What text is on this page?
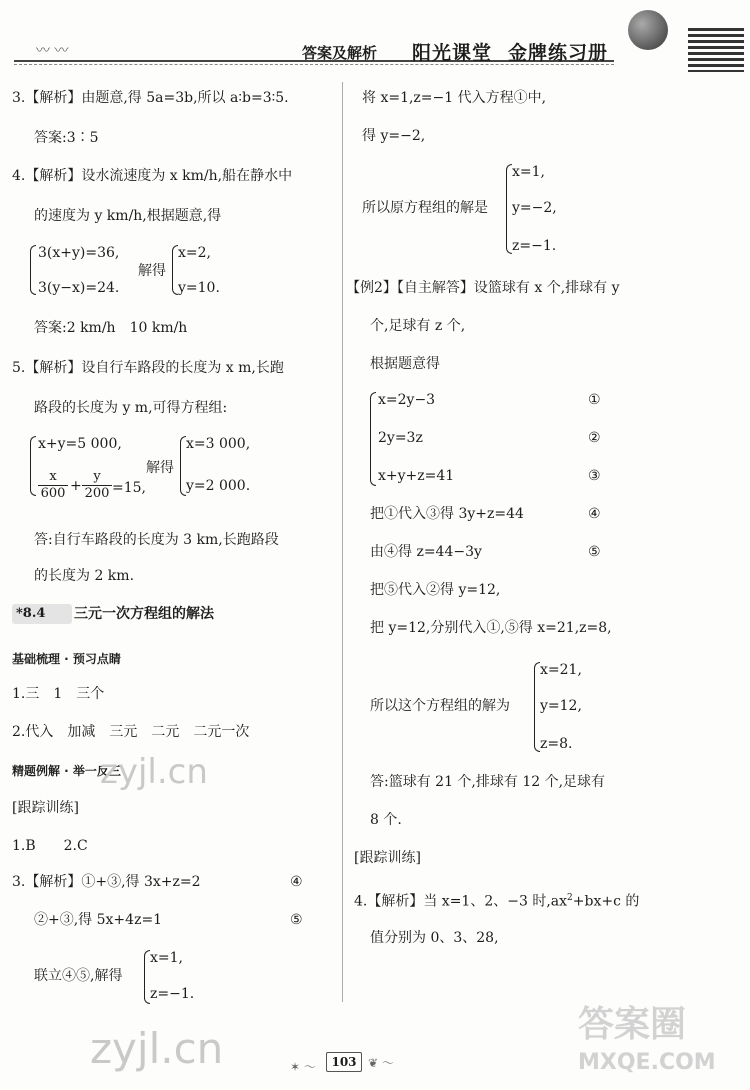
〰 〰	答案及解析 阳光课堂 金牌练习册
3.【解析】由题意,得 5a=3b,所以 a∶b=3∶5.
答案:3∶5
4.【解析】设水流速度为 x km/h,船在静水中
的速度为 y km/h,根据题意,得
3(x+y)=36,
3(y−x)=24.
解得
x=2,
y=10.
答案:2 km/h　10 km/h
5.【解析】设自行车路段的长度为 x m,长跑
路段的长度为 y m,可得方程组:
x+y=5 000,
x
600 +
y
200 =15,
解得
x=3 000,
y=2 000.
答:自行车路段的长度为 3 km,长跑路段
的长度为 2 km.
*8.4 三元一次方程组的解法
基础梳理 · 预习点睛
1.三　1　三个
2.代入　加减　三元　二元　二元一次
精题例解 · 举一反三
[跟踪训练]
1.B　　2.C
3.【解析】①+③,得 3x+z=2	④
②+③,得 5x+4z=1	⑤
联立④⑤,解得
x=1,
z=−1.
将 x=1,z=−1 代入方程①中,
得 y=−2,
所以原方程组的解是
x=1,
y=−2,
z=−1.
【例2】【自主解答】设篮球有 x 个,排球有 y
个,足球有 z 个,
根据题意得
x=2y−3	①
2y=3z	②
x+y+z=41	③
把①代入③得 3y+z=44	④
由④得 z=44−3y	⑤
把⑤代入②得 y=12,
把 y=12,分别代入①,⑤得 x=21,z=8,
所以这个方程组的解为
x=21,
y=12,
z=8.
答:篮球有 21 个,排球有 12 个,足球有
8 个.
[跟踪训练]
4.【解析】当 x=1、2、−3 时$,ax^2+bx+c$ 的
值分别为 0、3、28,
zyjl.cn
zyjl.cn	答案圈
MXQE.COM
✶ ～	103 ❦ ～
